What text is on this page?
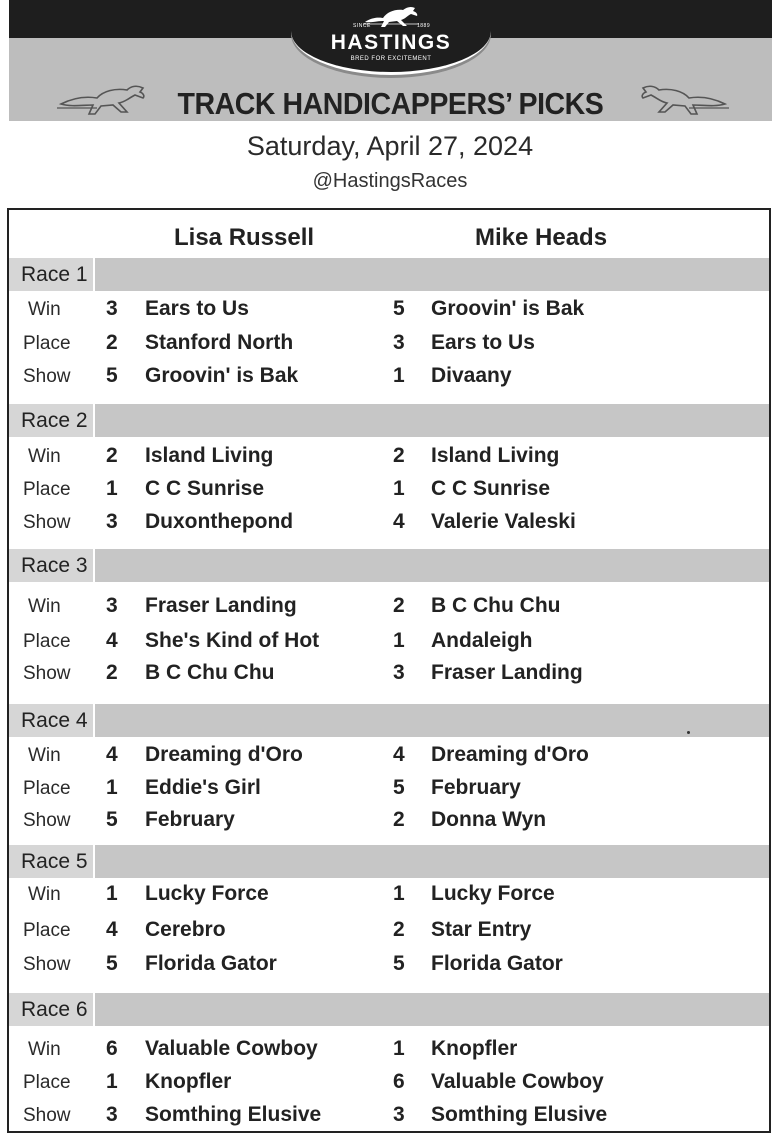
SINCE	1889
HASTINGS
BRED FOR EXCITEMENT
TRACK HANDICAPPERS’ PICKS
Saturday, April 27, 2024
@HastingsRaces
Lisa Russell	Mike Heads
Race 1
Win 3 Ears to Us	5 Groovin' is Bak
Place 2 Stanford North	3 Ears to Us
Show 5 Groovin' is Bak	1 Divaany
Race 2
Win 2 Island Living	2 Island Living
Place 1 C C Sunrise	1 C C Sunrise
Show 3 Duxonthepond	4 Valerie Valeski
Race 3
Win 3 Fraser Landing	2 B C Chu Chu
Place 4 She's Kind of Hot	1 Andaleigh
Show 2 B C Chu Chu	3 Fraser Landing
Race 4
Win 4 Dreaming d'Oro	4 Dreaming d'Oro
Place 1 Eddie's Girl	5 February
Show 5 February	2 Donna Wyn
Race 5
Win 1 Lucky Force	1 Lucky Force
Place 4 Cerebro	2 Star Entry
Show 5 Florida Gator	5 Florida Gator
Race 6
Win 6 Valuable Cowboy	1 Knopfler
Place 1 Knopfler	6 Valuable Cowboy
Show 3 Somthing Elusive	3 Somthing Elusive
